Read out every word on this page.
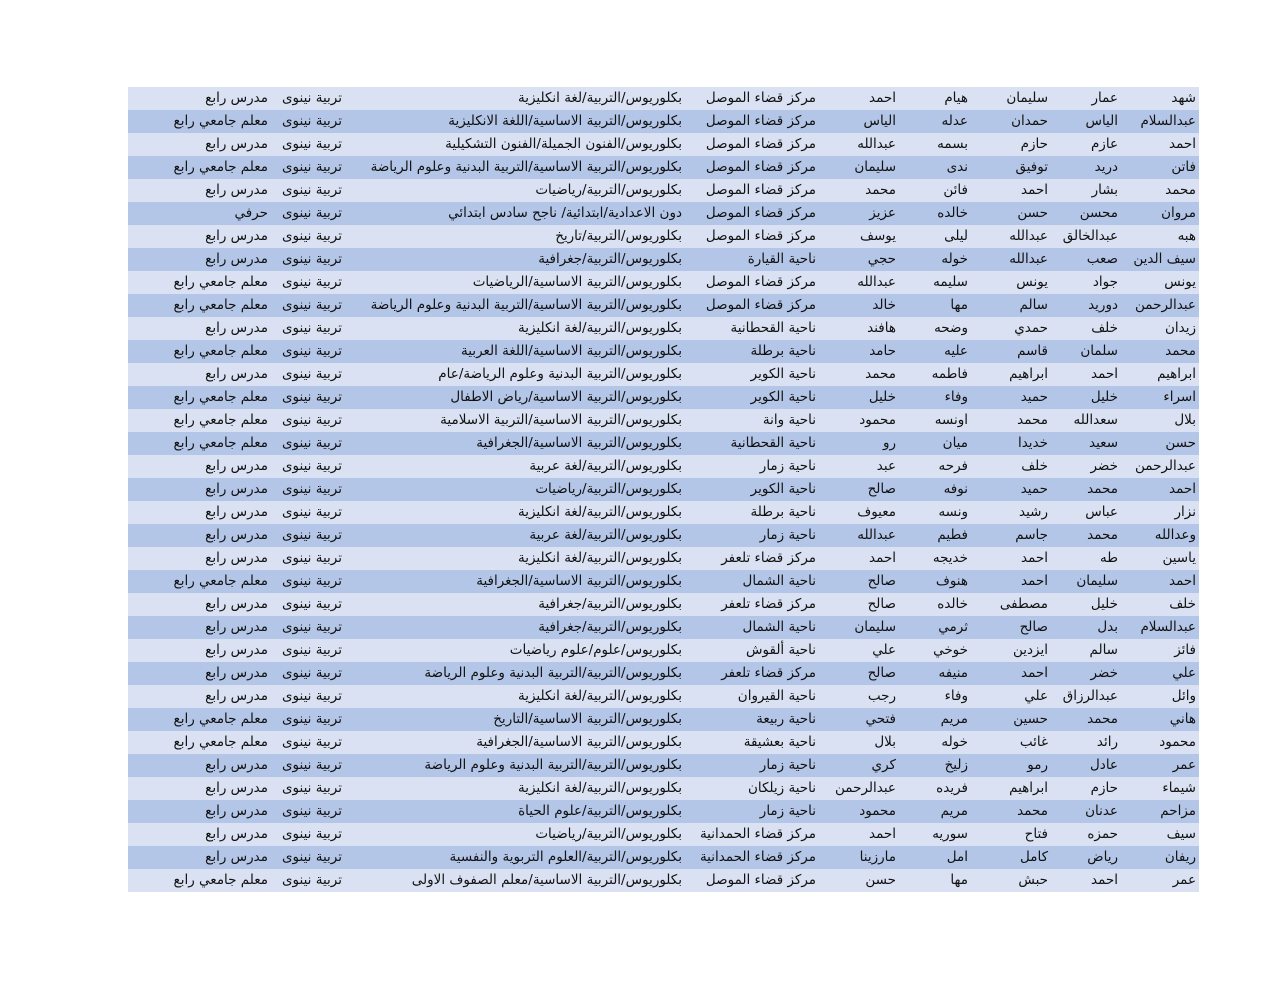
شهد	عمار	سليمان	هيام	احمد	مركز قضاء الموصل	بكلوريوس/التربية/لغة انكليزية	تربية نينوى	مدرس رابع
عبدالسلام	الياس	حمدان	عدله	الياس	مركز قضاء الموصل	بكلوريوس/التربية الاساسية/اللغة الانكليزية	تربية نينوى	معلم جامعي رابع
احمد	عازم	حازم	بسمه	عبدالله	مركز قضاء الموصل	بكلوريوس/الفنون الجميلة/الفنون التشكيلية	تربية نينوى	مدرس رابع
فاتن	دريد	توفيق	ندى	سليمان	مركز قضاء الموصل	بكلوريوس/التربية الاساسية/التربية البدنية وعلوم الرياضة	تربية نينوى	معلم جامعي رابع
محمد	بشار	احمد	فائن	محمد	مركز قضاء الموصل	بكلوريوس/التربية/رياضيات	تربية نينوى	مدرس رابع
مروان	محسن	حسن	خالده	عزيز	مركز قضاء الموصل	دون الاعدادية/ابتدائية/ ناجح سادس ابتدائي	تربية نينوى	حرفي
هبه	عبدالخالق	عبدالله	ليلى	يوسف	مركز قضاء الموصل	بكلوريوس/التربية/تاريخ	تربية نينوى	مدرس رابع
سيف الدين	صعب	عبدالله	خوله	حجي	ناحية القيارة	بكلوريوس/التربية/جغرافية	تربية نينوى	مدرس رابع
يونس	جواد	يونس	سليمه	عبدالله	مركز قضاء الموصل	بكلوريوس/التربية الاساسية/الرياضيات	تربية نينوى	معلم جامعي رابع
عبدالرحمن	دوريد	سالم	مها	خالد	مركز قضاء الموصل	بكلوريوس/التربية الاساسية/التربية البدنية وعلوم الرياضة	تربية نينوى	معلم جامعي رابع
زيدان	خلف	حمدي	وضحه	هافند	ناحية القحطانية	بكلوريوس/التربية/لغة انكليزية	تربية نينوى	مدرس رابع
محمد	سلمان	قاسم	عليه	حامد	ناحية برطلة	بكلوريوس/التربية الاساسية/اللغة العربية	تربية نينوى	معلم جامعي رابع
ابراهيم	احمد	ابراهيم	فاطمه	محمد	ناحية الكوير	بكلوريوس/التربية البدنية وعلوم الرياضة/عام	تربية نينوى	مدرس رابع
اسراء	خليل	حميد	وفاء	خليل	ناحية الكوير	بكلوريوس/التربية الاساسية/رياض الاطفال	تربية نينوى	معلم جامعي رابع
بلال	سعدالله	محمد	اونسه	محمود	ناحية وانة	بكلوريوس/التربية الاساسية/التربية الاسلامية	تربية نينوى	معلم جامعي رابع
حسن	سعيد	خديدا	ميان	رو	ناحية القحطانية	بكلوريوس/التربية الاساسية/الجغرافية	تربية نينوى	معلم جامعي رابع
عبدالرحمن	خضر	خلف	فرحه	عبد	ناحية زمار	بكلوريوس/التربية/لغة عربية	تربية نينوى	مدرس رابع
احمد	محمد	حميد	نوفه	صالح	ناحية الكوير	بكلوريوس/التربية/رياضيات	تربية نينوى	مدرس رابع
نزار	عباس	رشيد	ونسه	معيوف	ناحية برطلة	بكلوريوس/التربية/لغة انكليزية	تربية نينوى	مدرس رابع
وعدالله	محمد	جاسم	فطيم	عبدالله	ناحية زمار	بكلوريوس/التربية/لغة عربية	تربية نينوى	مدرس رابع
ياسين	طه	احمد	خديجه	احمد	مركز قضاء تلعفر	بكلوريوس/التربية/لغة انكليزية	تربية نينوى	مدرس رابع
احمد	سليمان	احمد	هنوف	صالح	ناحية الشمال	بكلوريوس/التربية الاساسية/الجغرافية	تربية نينوى	معلم جامعي رابع
خلف	خليل	مصطفى	خالده	صالح	مركز قضاء تلعفر	بكلوريوس/التربية/جغرافية	تربية نينوى	مدرس رابع
عبدالسلام	بدل	صالح	ثرمي	سليمان	ناحية الشمال	بكلوريوس/التربية/جغرافية	تربية نينوى	مدرس رابع
فائز	سالم	ايزدين	خوخي	علي	ناحية ألقوش	بكلوريوس/علوم/علوم رياضيات	تربية نينوى	مدرس رابع
علي	خضر	احمد	منيفه	صالح	مركز قضاء تلعفر	بكلوريوس/التربية/التربية البدنية وعلوم الرياضة	تربية نينوى	مدرس رابع
وائل	عبدالرزاق	علي	وفاء	رجب	ناحية القيروان	بكلوريوس/التربية/لغة انكليزية	تربية نينوى	مدرس رابع
هاني	محمد	حسين	مريم	فتحي	ناحية ربيعة	بكلوريوس/التربية الاساسية/التاريخ	تربية نينوى	معلم جامعي رابع
محمود	رائد	غائب	خوله	بلال	ناحية بعشيقة	بكلوريوس/التربية الاساسية/الجغرافية	تربية نينوى	معلم جامعي رابع
عمر	عادل	رمو	زليخ	كري	ناحية زمار	بكلوريوس/التربية/التربية البدنية وعلوم الرياضة	تربية نينوى	مدرس رابع
شيماء	حازم	ابراهيم	فريده	عبدالرحمن	ناحية زيلكان	بكلوريوس/التربية/لغة انكليزية	تربية نينوى	مدرس رابع
مزاحم	عدنان	محمد	مريم	محمود	ناحية زمار	بكلوريوس/التربية/علوم الحياة	تربية نينوى	مدرس رابع
سيف	حمزه	فتاح	سوريه	احمد	مركز قضاء الحمدانية	بكلوريوس/التربية/رياضيات	تربية نينوى	مدرس رابع
ريفان	رياض	كامل	امل	مارزينا	مركز قضاء الحمدانية	بكلوريوس/التربية/العلوم التربوية والنفسية	تربية نينوى	مدرس رابع
عمر	احمد	حبش	مها	حسن	مركز قضاء الموصل	بكلوريوس/التربية الاساسية/معلم الصفوف الاولى	تربية نينوى	معلم جامعي رابع
